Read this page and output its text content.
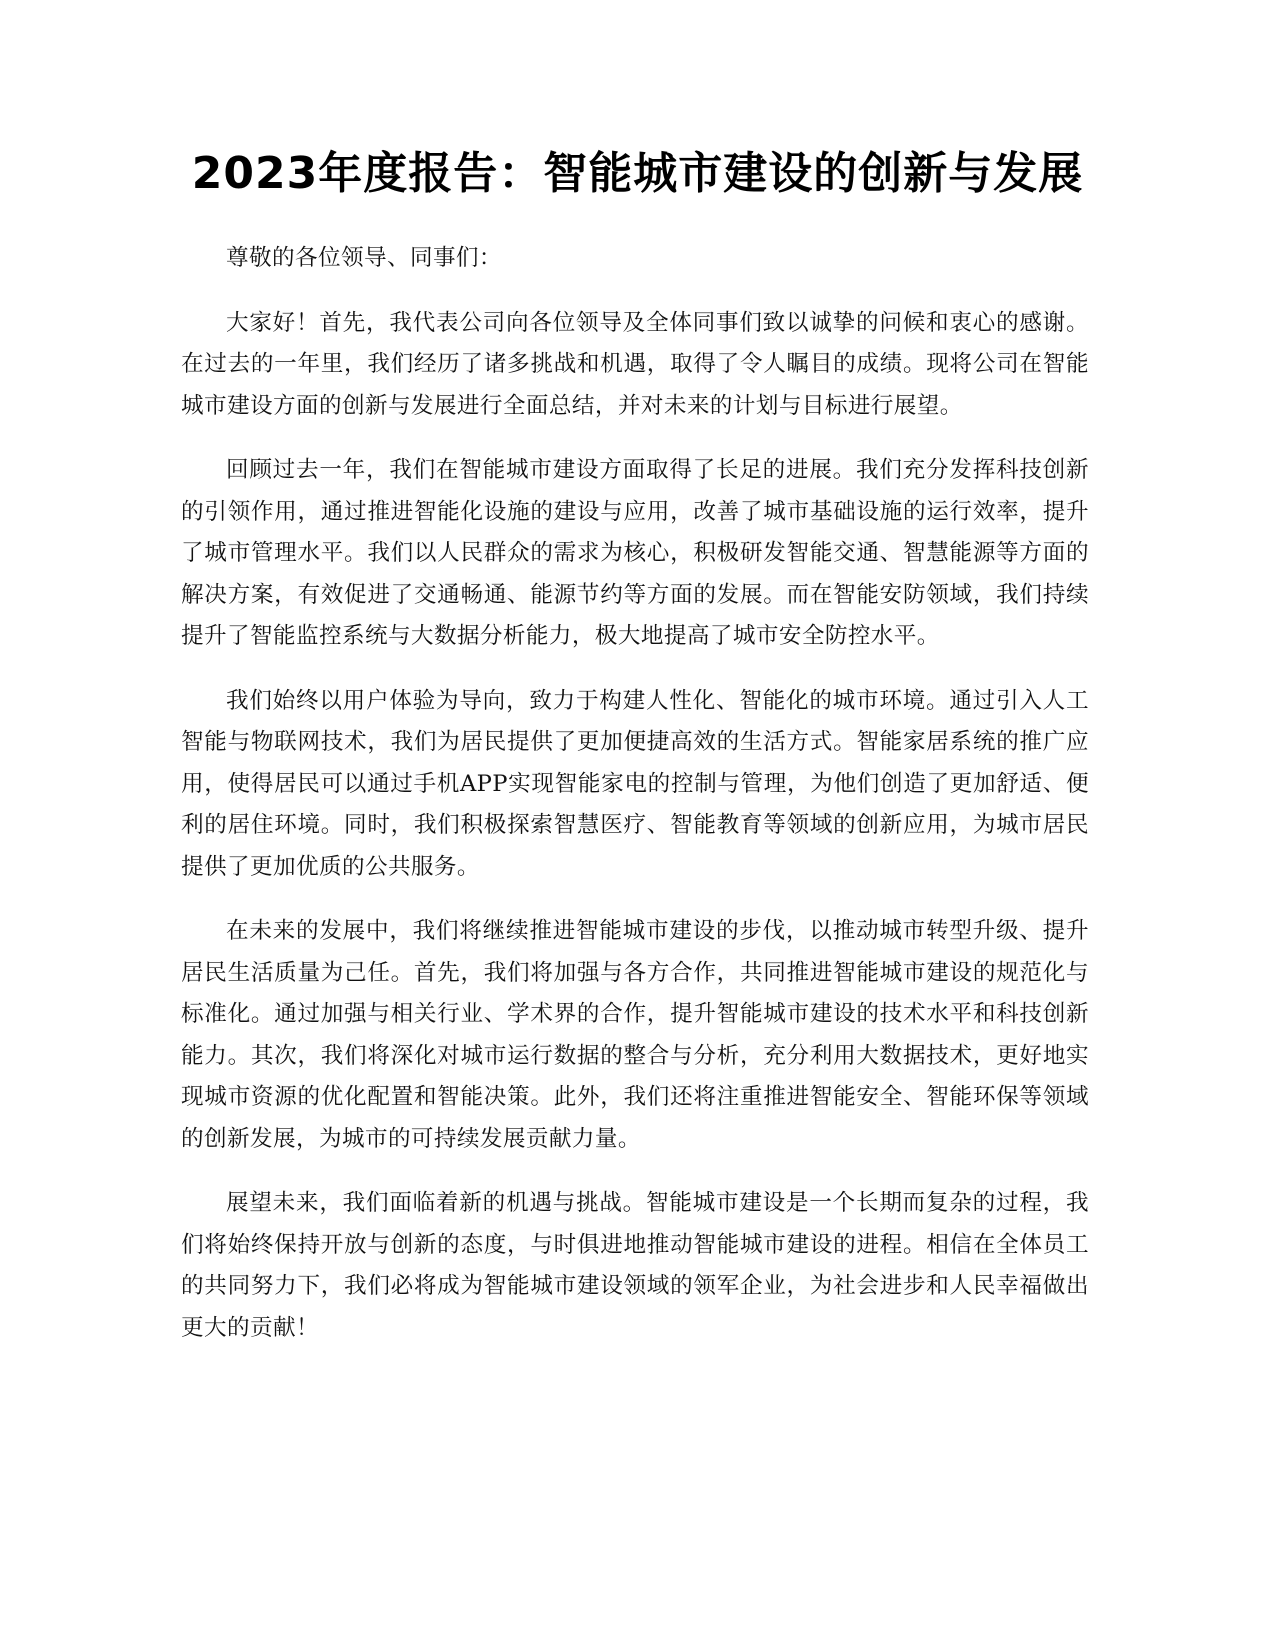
2023年度报告：智能城市建设的创新与发展

尊敬的各位领导、同事们：

大家好！首先，我代表公司向各位领导及全体同事们致以诚挚的问候和衷心的感谢。在过去的一年里，我们经历了诸多挑战和机遇，取得了令人瞩目的成绩。现将公司在智能城市建设方面的创新与发展进行全面总结，并对未来的计划与目标进行展望。

回顾过去一年，我们在智能城市建设方面取得了长足的进展。我们充分发挥科技创新的引领作用，通过推进智能化设施的建设与应用，改善了城市基础设施的运行效率，提升了城市管理水平。我们以人民群众的需求为核心，积极研发智能交通、智慧能源等方面的解决方案，有效促进了交通畅通、能源节约等方面的发展。而在智能安防领域，我们持续提升了智能监控系统与大数据分析能力，极大地提高了城市安全防控水平。

我们始终以用户体验为导向，致力于构建人性化、智能化的城市环境。通过引入人工智能与物联网技术，我们为居民提供了更加便捷高效的生活方式。智能家居系统的推广应用，使得居民可以通过手机APP实现智能家电的控制与管理，为他们创造了更加舒适、便利的居住环境。同时，我们积极探索智慧医疗、智能教育等领域的创新应用，为城市居民提供了更加优质的公共服务。

在未来的发展中，我们将继续推进智能城市建设的步伐，以推动城市转型升级、提升居民生活质量为己任。首先，我们将加强与各方合作，共同推进智能城市建设的规范化与标准化。通过加强与相关行业、学术界的合作，提升智能城市建设的技术水平和科技创新能力。其次，我们将深化对城市运行数据的整合与分析，充分利用大数据技术，更好地实现城市资源的优化配置和智能决策。此外，我们还将注重推进智能安全、智能环保等领域的创新发展，为城市的可持续发展贡献力量。

展望未来，我们面临着新的机遇与挑战。智能城市建设是一个长期而复杂的过程，我们将始终保持开放与创新的态度，与时俱进地推动智能城市建设的进程。相信在全体员工的共同努力下，我们必将成为智能城市建设领域的领军企业，为社会进步和人民幸福做出更大的贡献！
